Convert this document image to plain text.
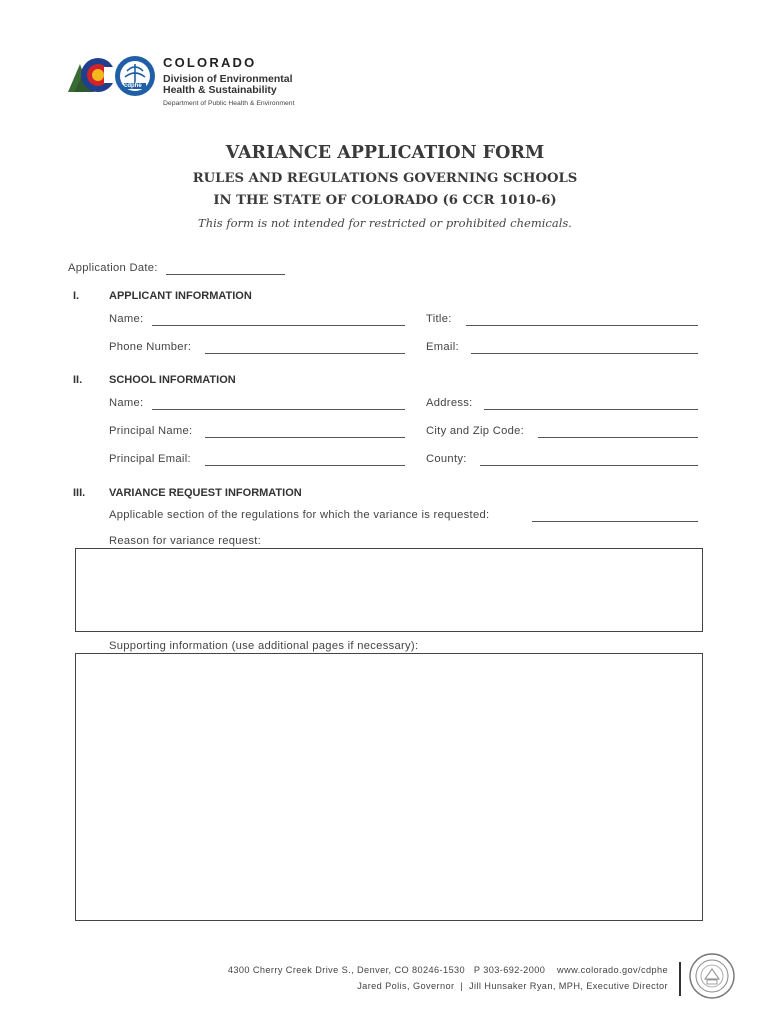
cdphe
COLORADO
Division of Environmental
Health & Sustainability
Department of Public Health & Environment
VARIANCE APPLICATION FORM
RULES AND REGULATIONS GOVERNING SCHOOLS
IN THE STATE OF COLORADO (6 CCR 1010-6)
This form is not intended for restricted or prohibited chemicals.
Application Date:
I.	APPLICANT INFORMATION
Name:	Title:
Phone Number:	Email:
II. SCHOOL INFORMATION
Name:	Address:
Principal Name:	City and Zip Code:
Principal Email:	County:
III. VARIANCE REQUEST INFORMATION
Applicable section of the regulations for which the variance is requested:
Reason for variance request:
Supporting information (use additional pages if necessary):
4300 Cherry Creek Drive S., Denver, CO 80246-1530 P 303-692-2000 www.colorado.gov/cdphe
Jared Polis, Governor  |  Jill Hunsaker Ryan, MPH, Executive Director
